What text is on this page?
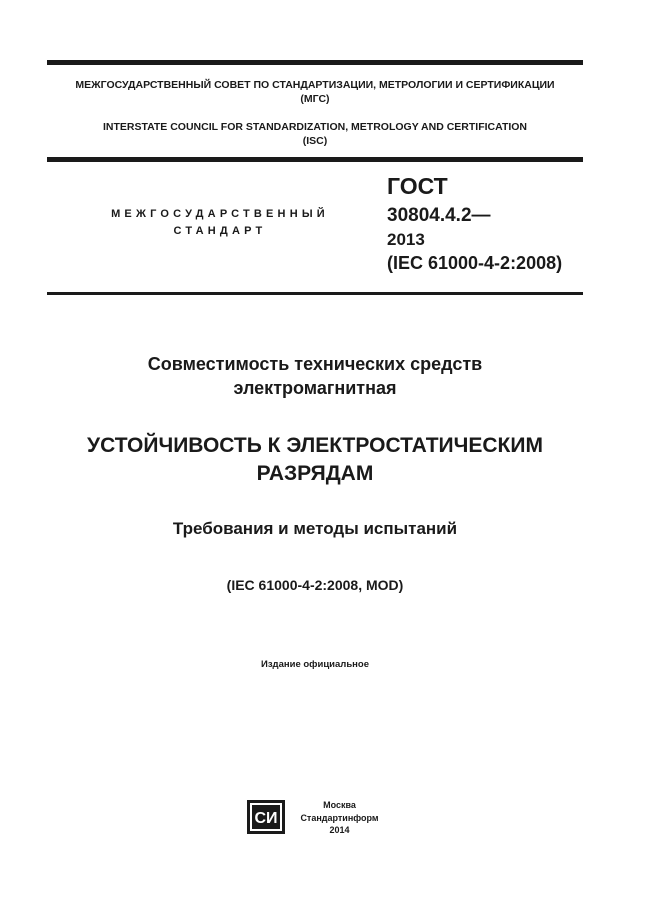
МЕЖГОСУДАРСТВЕННЫЙ СОВЕТ ПО СТАНДАРТИЗАЦИИ, МЕТРОЛОГИИ И СЕРТИФИКАЦИИ
(МГС)
INTERSTATE COUNCIL FOR STANDARDIZATION, METROLOGY AND CERTIFICATION
(ISC)
МЕЖГОСУДАРСТВЕННЫЙ
СТАНДАРТ
ГОСТ
30804.4.2—
2013
(IEC 61000-4-2:2008)
Совместимость технических средств
электромагнитная
УСТОЙЧИВОСТЬ К ЭЛЕКТРОСТАТИЧЕСКИМ
РАЗРЯДАМ
Требования и методы испытаний
(IEC 61000-4-2:2008, MOD)
Издание официальное
СИ
Москва
Стандартинформ
2014
